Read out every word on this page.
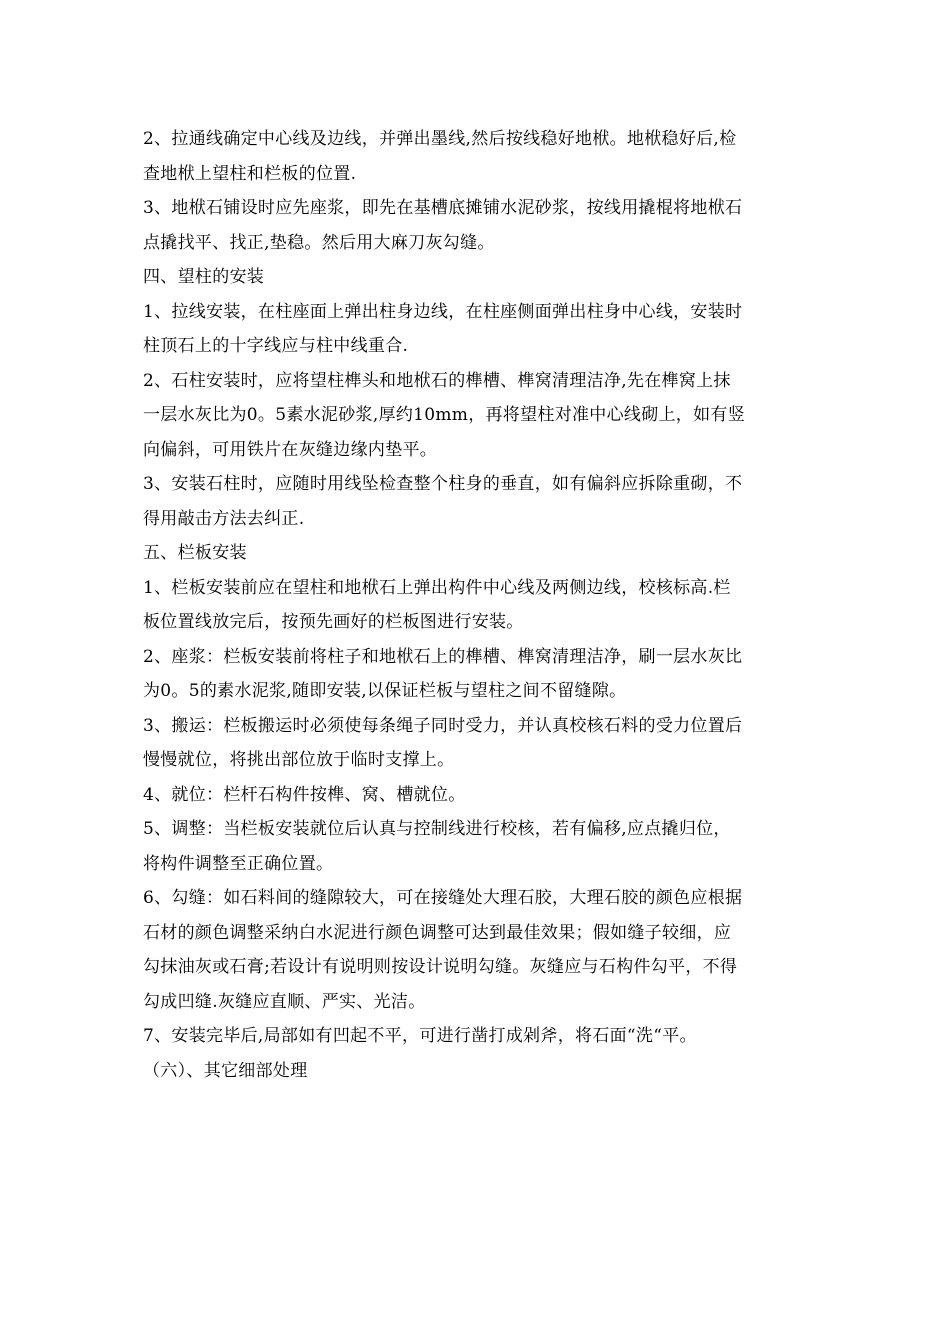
2、拉通线确定中心线及边线，并弹出墨线,然后按线稳好地栿。地栿稳好后,检
查地栿上望柱和栏板的位置.
3、地栿石铺设时应先座浆，即先在基槽底摊铺水泥砂浆，按线用撬棍将地栿石
点撬找平、找正,垫稳。然后用大麻刀灰勾缝。
四、望柱的安装
1、拉线安装，在柱座面上弹出柱身边线，在柱座侧面弹出柱身中心线，安装时
柱顶石上的十字线应与柱中线重合.
2、石柱安装时，应将望柱榫头和地栿石的榫槽、榫窝清理洁净,先在榫窝上抹
一层水灰比为0。5素水泥砂浆,厚约10mm，再将望柱对准中心线砌上，如有竖
向偏斜，可用铁片在灰缝边缘内垫平。
3、安装石柱时，应随时用线坠检查整个柱身的垂直，如有偏斜应拆除重砌，不
得用敲击方法去纠正.
五、栏板安装
1、栏板安装前应在望柱和地栿石上弹出构件中心线及两侧边线，校核标高.栏
板位置线放完后，按预先画好的栏板图进行安装。
2、座浆：栏板安装前将柱子和地栿石上的榫槽、榫窝清理洁净，刷一层水灰比
为0。5的素水泥浆,随即安装,以保证栏板与望柱之间不留缝隙。
3、搬运：栏板搬运时必须使每条绳子同时受力，并认真校核石料的受力位置后
慢慢就位，将挑出部位放于临时支撑上。
4、就位：栏杆石构件按榫、窝、槽就位。
5、调整：当栏板安装就位后认真与控制线进行校核，若有偏移,应点撬归位，
将构件调整至正确位置。
6、勾缝：如石料间的缝隙较大，可在接缝处大理石胶，大理石胶的颜色应根据
石材的颜色调整采纳白水泥进行颜色调整可达到最佳效果；假如缝子较细，应
勾抹油灰或石膏;若设计有说明则按设计说明勾缝。灰缝应与石构件勾平，不得
勾成凹缝.灰缝应直顺、严实、光洁。
7、安装完毕后,局部如有凹起不平，可进行凿打成剁斧，将石面“洗“平。
（六）、其它细部处理
